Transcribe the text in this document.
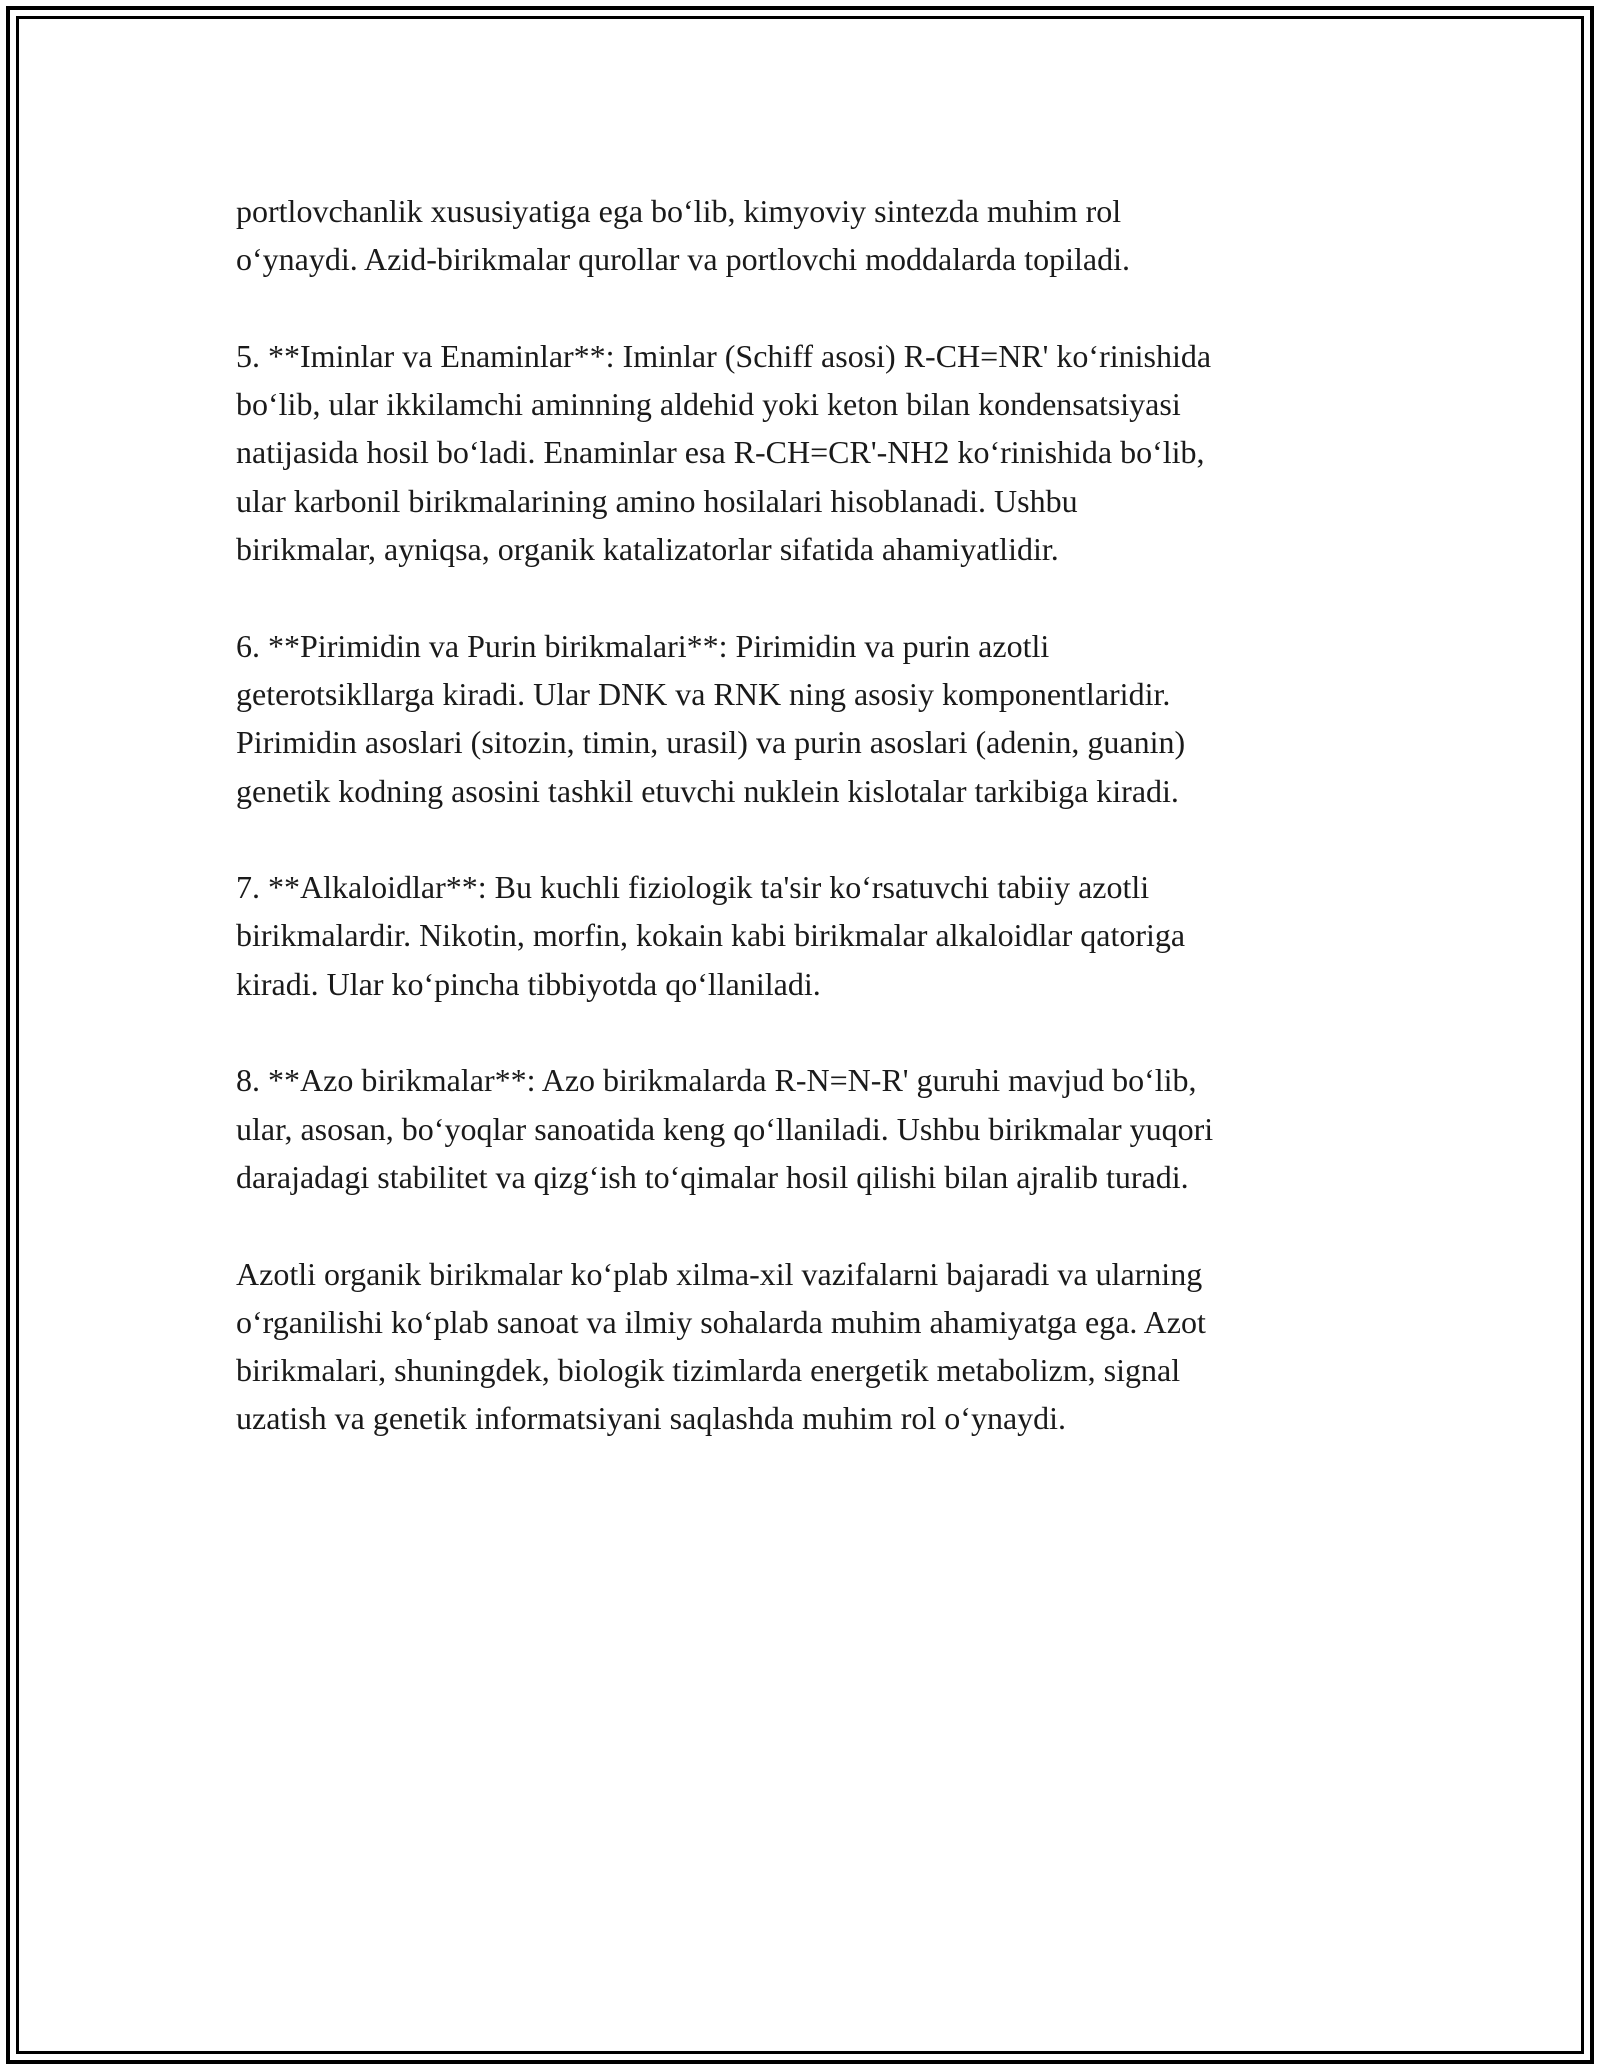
portlovchanlik xususiyatiga ega bo‘lib, kimyoviy sintezda muhim rol
o‘ynaydi. Azid-birikmalar qurollar va portlovchi moddalarda topiladi.

5. **Iminlar va Enaminlar**: Iminlar (Schiff asosi) R-CH=NR' ko‘rinishida
bo‘lib, ular ikkilamchi aminning aldehid yoki keton bilan kondensatsiyasi
natijasida hosil bo‘ladi. Enaminlar esa R-CH=CR'-NH2 ko‘rinishida bo‘lib,
ular karbonil birikmalarining amino hosilalari hisoblanadi. Ushbu
birikmalar, ayniqsa, organik katalizatorlar sifatida ahamiyatlidir.

6. **Pirimidin va Purin birikmalari**: Pirimidin va purin azotli
geterotsikllarga kiradi. Ular DNK va RNK ning asosiy komponentlaridir.
Pirimidin asoslari (sitozin, timin, urasil) va purin asoslari (adenin, guanin)
genetik kodning asosini tashkil etuvchi nuklein kislotalar tarkibiga kiradi.

7. **Alkaloidlar**: Bu kuchli fiziologik ta'sir ko‘rsatuvchi tabiiy azotli
birikmalardir. Nikotin, morfin, kokain kabi birikmalar alkaloidlar qatoriga
kiradi. Ular ko‘pincha tibbiyotda qo‘llaniladi.

8. **Azo birikmalar**: Azo birikmalarda R-N=N-R' guruhi mavjud bo‘lib,
ular, asosan, bo‘yoqlar sanoatida keng qo‘llaniladi. Ushbu birikmalar yuqori
darajadagi stabilitet va qizg‘ish to‘qimalar hosil qilishi bilan ajralib turadi.

Azotli organik birikmalar ko‘plab xilma-xil vazifalarni bajaradi va ularning
o‘rganilishi ko‘plab sanoat va ilmiy sohalarda muhim ahamiyatga ega. Azot
birikmalari, shuningdek, biologik tizimlarda energetik metabolizm, signal
uzatish va genetik informatsiyani saqlashda muhim rol o‘ynaydi.
